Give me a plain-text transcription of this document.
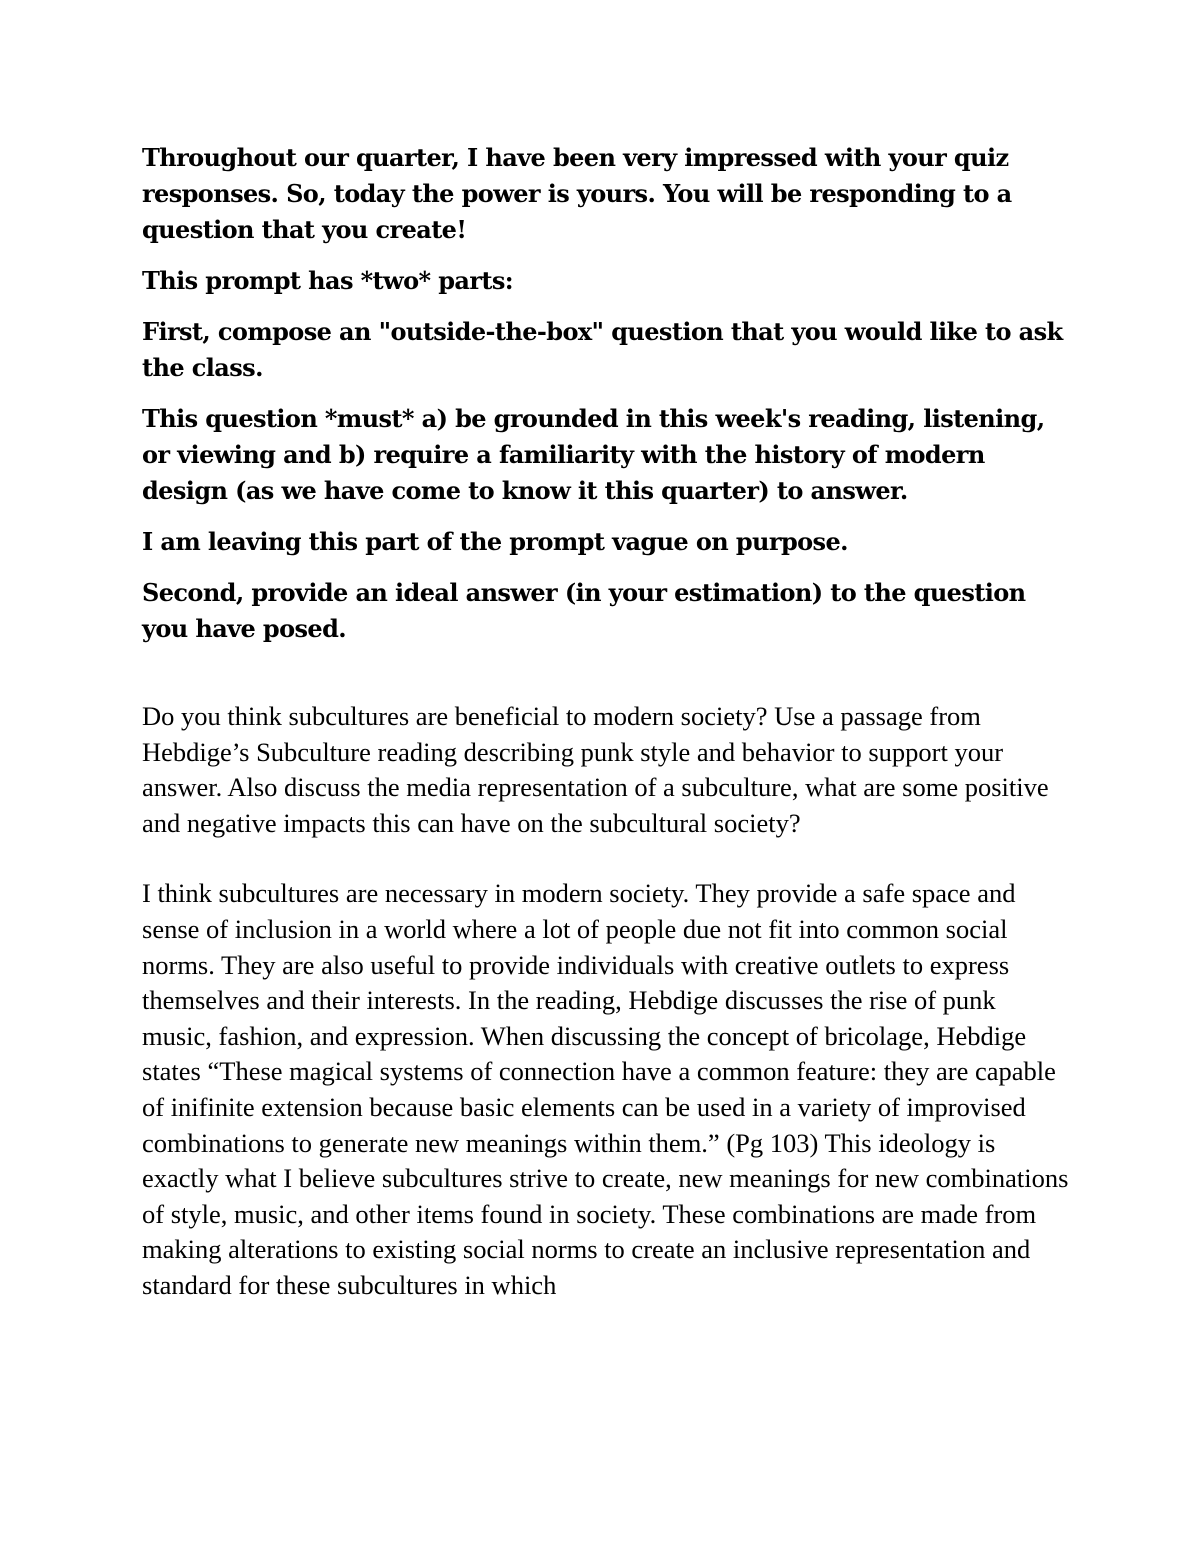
Throughout our quarter, I have been very impressed with your quiz responses. So, today the power is yours. You will be responding to a question that you create!

This prompt has *two* parts:

First, compose an "outside-the-box" question that you would like to ask the class.

This question *must* a) be grounded in this week's reading, listening, or viewing and b) require a familiarity with the history of modern design (as we have come to know it this quarter) to answer.

I am leaving this part of the prompt vague on purpose.

Second, provide an ideal answer (in your estimation) to the question you have posed.

Do you think subcultures are beneficial to modern society? Use a passage from Hebdige’s Subculture reading describing punk style and behavior to support your answer. Also discuss the media representation of a subculture, what are some positive and negative impacts this can have on the subcultural society?

I think subcultures are necessary in modern society. They provide a safe space and sense of inclusion in a world where a lot of people due not fit into common social norms. They are also useful to provide individuals with creative outlets to express themselves and their interests. In the reading, Hebdige discusses the rise of punk music, fashion, and expression. When discussing the concept of bricolage, Hebdige states “These magical systems of connection have a common feature: they are capable of inifinite extension because basic elements can be used in a variety of improvised combinations to generate new meanings within them.” (Pg 103) This ideology is exactly what I believe subcultures strive to create, new meanings for new combinations of style, music, and other items found in society. These combinations are made from making alterations to existing social norms to create an inclusive representation and standard for these subcultures in which
